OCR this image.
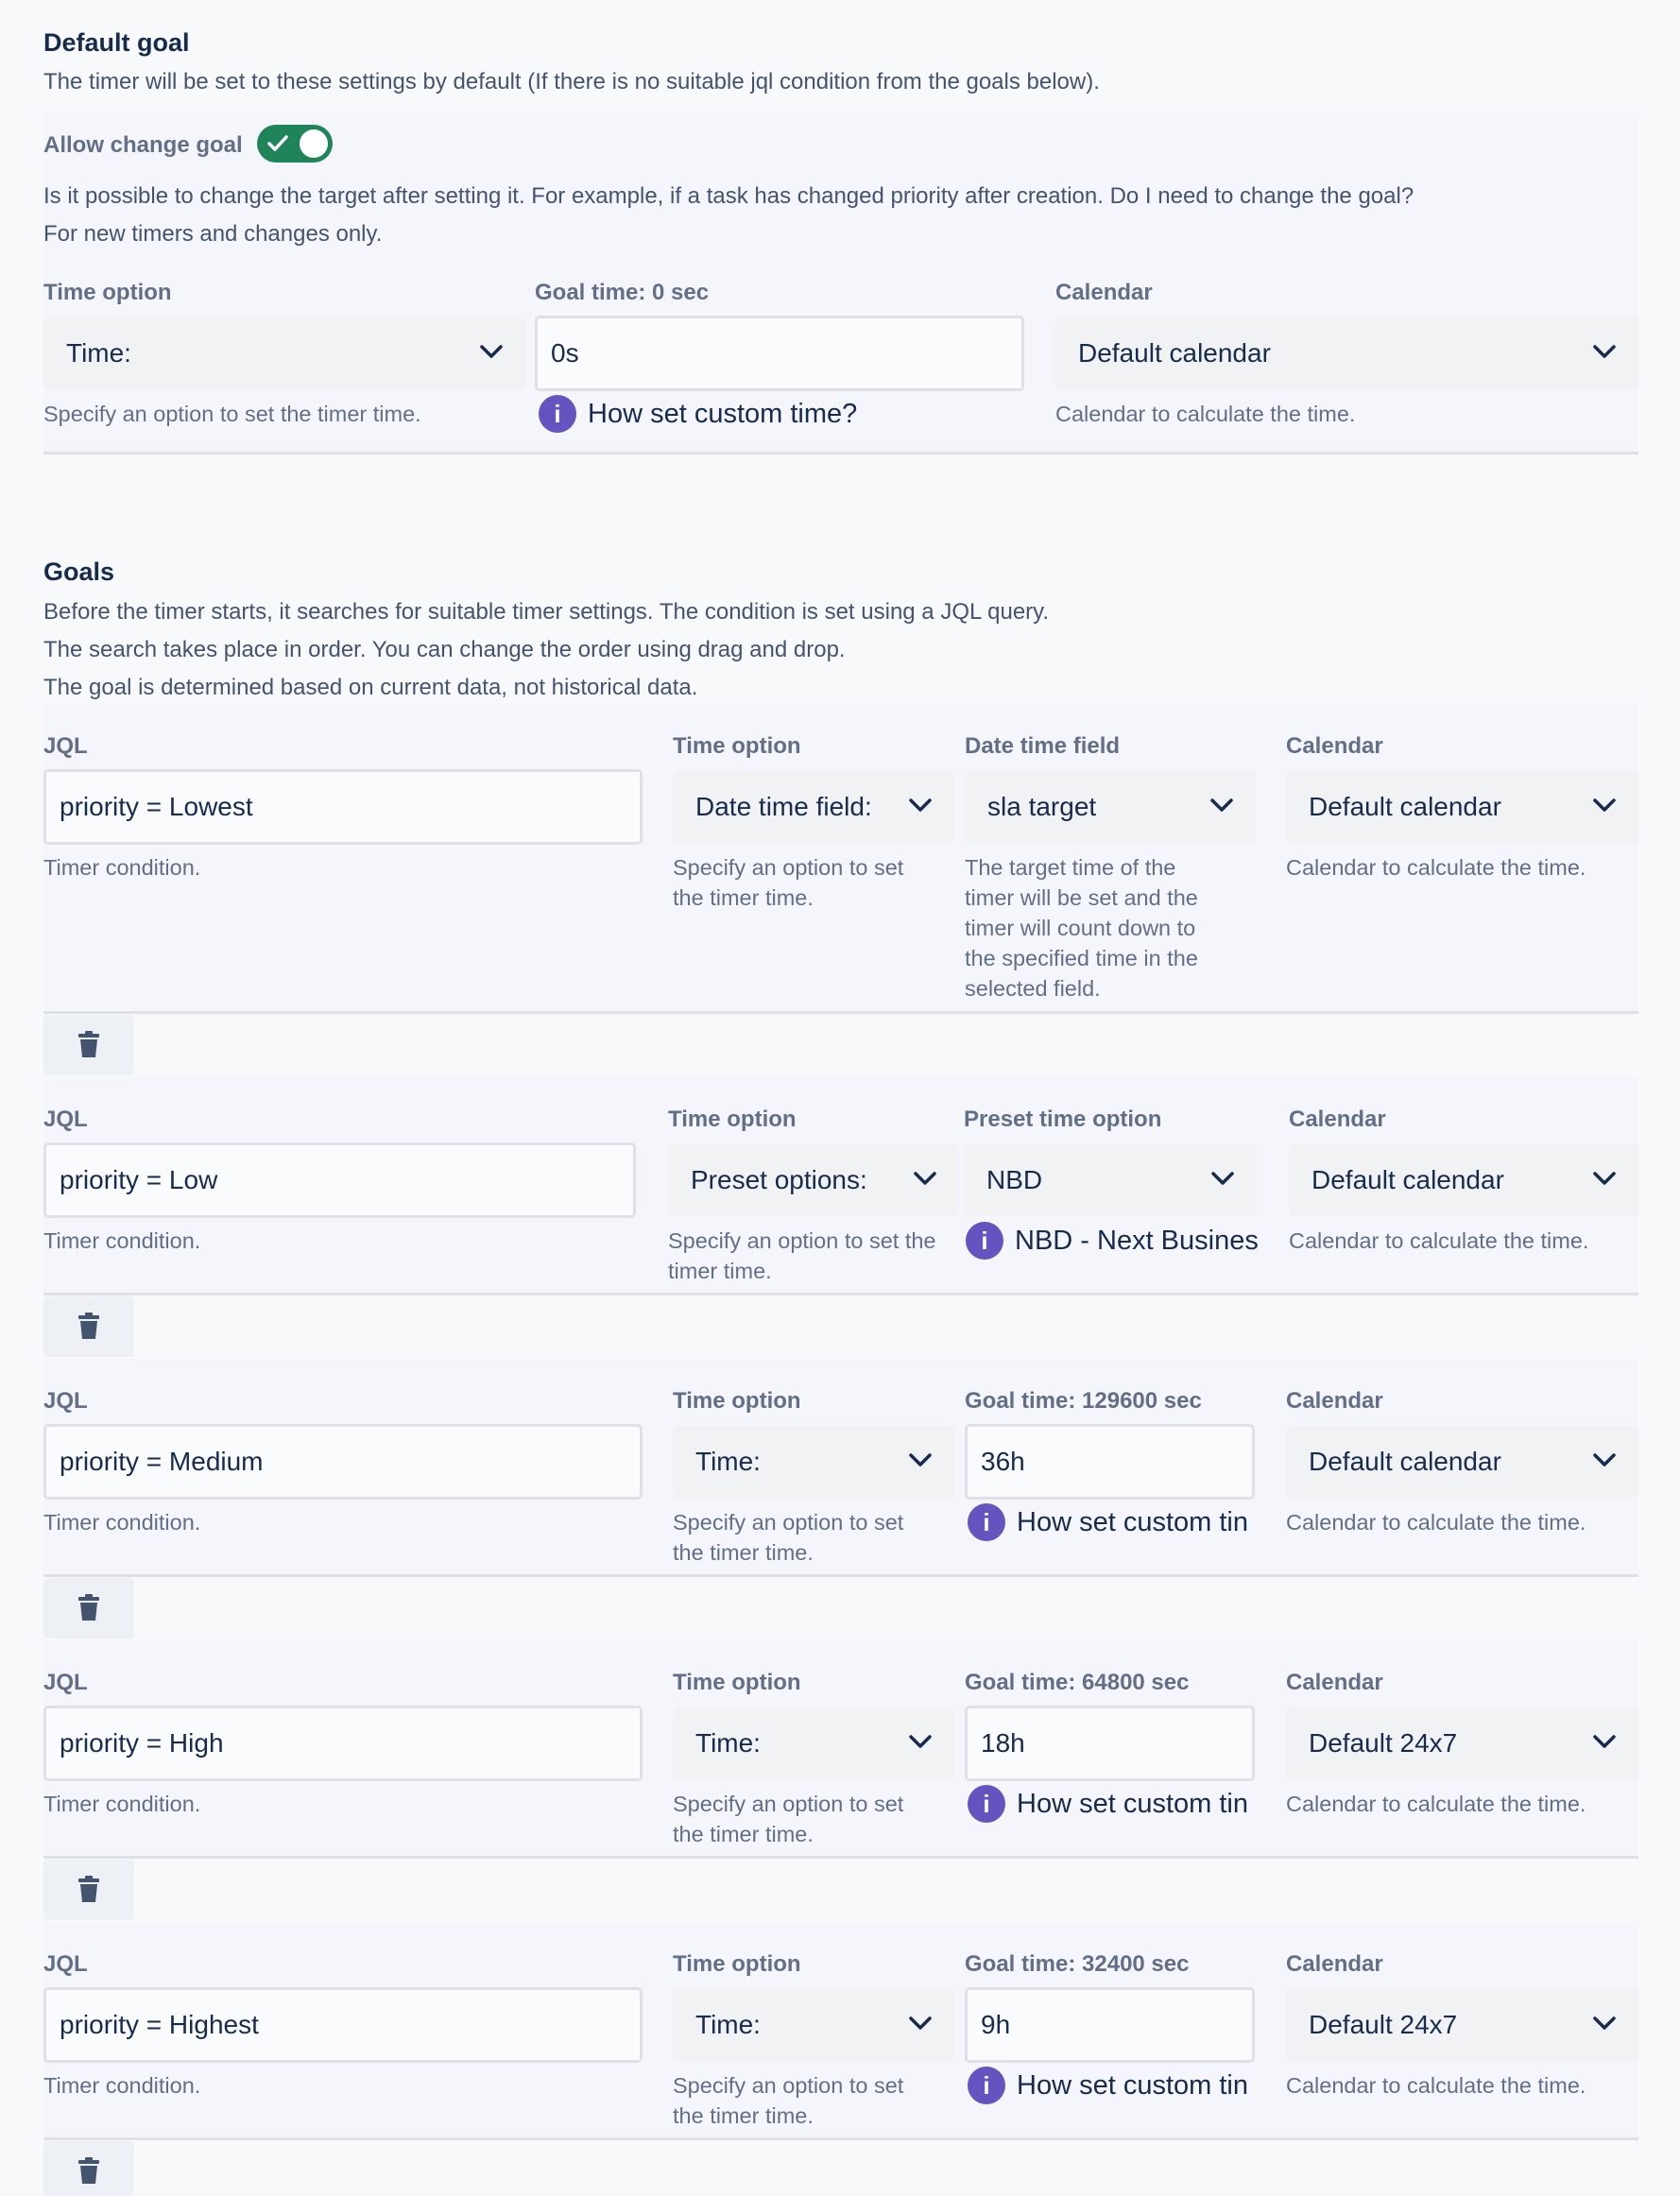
Default goal
The timer will be set to these settings by default (If there is no suitable jql condition from the goals below).
Allow change goal
Is it possible to change the target after setting it. For example, if a task has changed priority after creation. Do I need to change the goal?
For new timers and changes only.
Time option
Time:
Specify an option to set the timer time.
Goal time: 0 sec
0s
i How set custom time?
Calendar
Default calendar
Calendar to calculate the time.
Goals
Before the timer starts, it searches for suitable timer settings. The condition is set using a JQL query.
The search takes place in order. You can change the order using drag and drop.
The goal is determined based on current data, not historical data.
JQL
priority = Lowest
Timer condition.
Time option
Date time field:
Specify an option to set
the timer time.
Date time field
sla target
The target time of the
timer will be set and the
timer will count down to
the specified time in the
selected field.
Calendar
Default calendar
Calendar to calculate the time.
JQL
priority = Low
Timer condition.
Time option
Preset options:
Specify an option to set the
timer time.
Preset time option
NBD
i NBD - Next Busines
Calendar
Default calendar
Calendar to calculate the time.
JQL
priority = Medium
Timer condition.
Time option
Time:
Specify an option to set
the timer time.
Goal time: 129600 sec
36h
i How set custom tin
Calendar
Default calendar
Calendar to calculate the time.
JQL
priority = High
Timer condition.
Time option
Time:
Specify an option to set
the timer time.
Goal time: 64800 sec
18h
i How set custom tin
Calendar
Default 24x7
Calendar to calculate the time.
JQL
priority = Highest
Timer condition.
Time option
Time:
Specify an option to set
the timer time.
Goal time: 32400 sec
9h
i How set custom tin
Calendar
Default 24x7
Calendar to calculate the time.
